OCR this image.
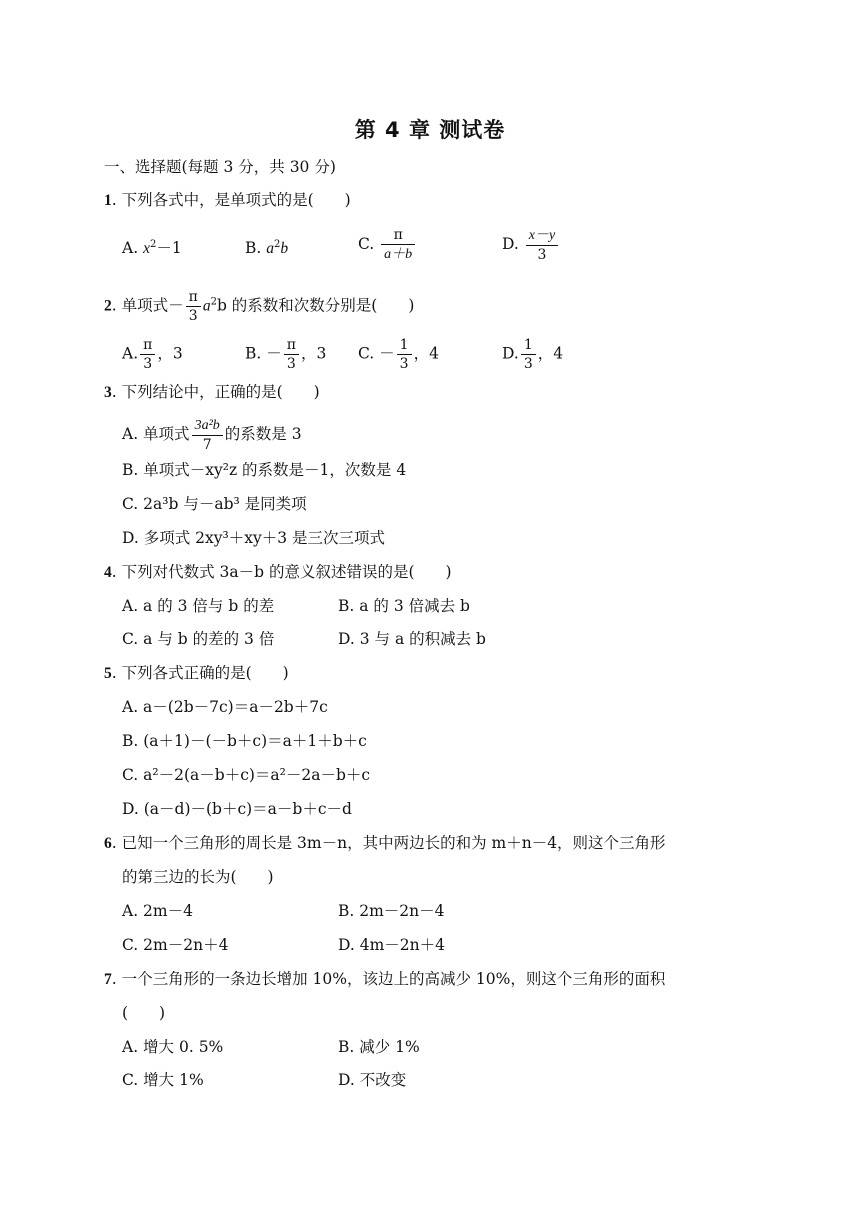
第 4 章 测试卷
一、选择题(每题 3 分，共 30 分)
1. 下列各式中，是单项式的是(　　)
A. $x^2-1$	B. $a^2b$	C. $\frac{\pi}{a+b}$	D. $\frac{x-y}{3}$
2. 单项式－ $\frac{\pi}{3} a^2b$ 的系数和次数分别是(　　)
A. $\frac{\pi}{3}$ ，3	B. － $\frac{\pi}{3}$ ，3 C. － $\frac{1}{3}$ ，4	D. $\frac{1}{3}$ ，4
3. 下列结论中，正确的是(　　)
A. 单项式 $\frac{\text{3a²b}}{7}$ 的系数是 3
B. 单项式－xy²z 的系数是－1，次数是 4
C. 2a³b 与－ab³ 是同类项
D. 多项式 2xy³＋xy＋3 是三次三项式
4. 下列对代数式 3a－b 的意义叙述错误的是(　　)
A. a 的 3 倍与 b 的差	B. a 的 3 倍减去 b
C. a 与 b 的差的 3 倍	D. 3 与 a 的积减去 b
5. 下列各式正确的是(　　)
A. a－(2b－7c)＝a－2b＋7c
B. (a＋1)－(－b＋c)＝a＋1＋b＋c
C. a²－2(a－b＋c)＝a²－2a－b＋c
D. (a－d)－(b＋c)＝a－b＋c－d
6. 已知一个三角形的周长是 3m－n，其中两边长的和为 m＋n－4，则这个三角形
的第三边的长为(　　)
A. 2m－4	B. 2m－2n－4
C. 2m－2n＋4	D. 4m－2n＋4
7. 一个三角形的一条边长增加 10%，该边上的高减少 10%，则这个三角形的面积
(　　)
A. 增大 0. 5%	B. 减少 1%
C. 增大 1%	D. 不改变
